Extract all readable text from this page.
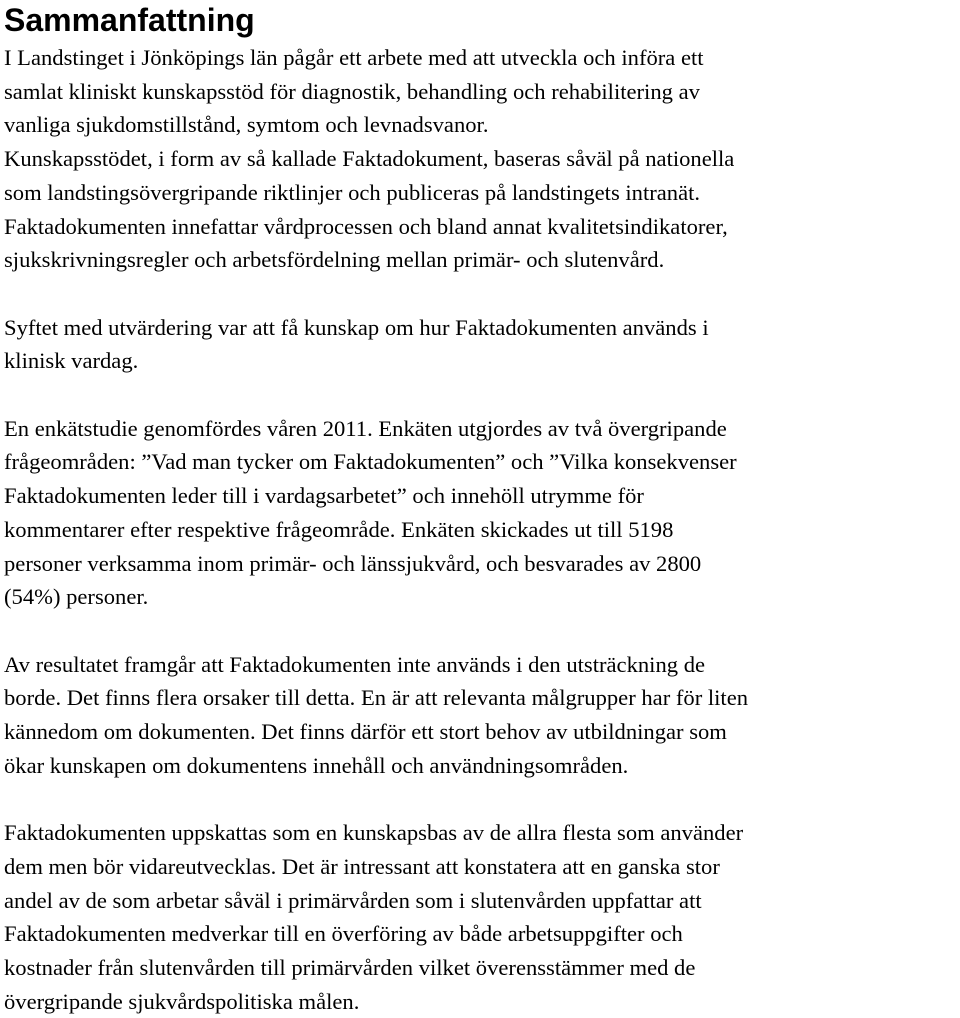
Sammanfattning

I Landstinget i Jönköpings län pågår ett arbete med att utveckla och införa ett
samlat kliniskt kunskapsstöd för diagnostik, behandling och rehabilitering av
vanliga sjukdomstillstånd, symtom och levnadsvanor.
Kunskapsstödet, i form av så kallade Faktadokument, baseras såväl på nationella
som landstingsövergripande riktlinjer och publiceras på landstingets intranät.
Faktadokumenten innefattar vårdprocessen och bland annat kvalitetsindikatorer,
sjukskrivningsregler och arbetsfördelning mellan primär- och slutenvård.

Syftet med utvärdering var att få kunskap om hur Faktadokumenten används i
klinisk vardag.

En enkätstudie genomfördes våren 2011. Enkäten utgjordes av två övergripande
frågeområden: ”Vad man tycker om Faktadokumenten” och ”Vilka konsekvenser
Faktadokumenten leder till i vardagsarbetet” och innehöll utrymme för
kommentarer efter respektive frågeområde. Enkäten skickades ut till 5198
personer verksamma inom primär- och länssjukvård, och besvarades av 2800
(54%) personer.

Av resultatet framgår att Faktadokumenten inte används i den utsträckning de
borde. Det finns flera orsaker till detta. En är att relevanta målgrupper har för liten
kännedom om dokumenten. Det finns därför ett stort behov av utbildningar som
ökar kunskapen om dokumentens innehåll och användningsområden.

Faktadokumenten uppskattas som en kunskapsbas av de allra flesta som använder
dem men bör vidareutvecklas. Det är intressant att konstatera att en ganska stor
andel av de som arbetar såväl i primärvården som i slutenvården uppfattar att
Faktadokumenten medverkar till en överföring av både arbetsuppgifter och
kostnader från slutenvården till primärvården vilket överensstämmer med de
övergripande sjukvårdspolitiska målen.
